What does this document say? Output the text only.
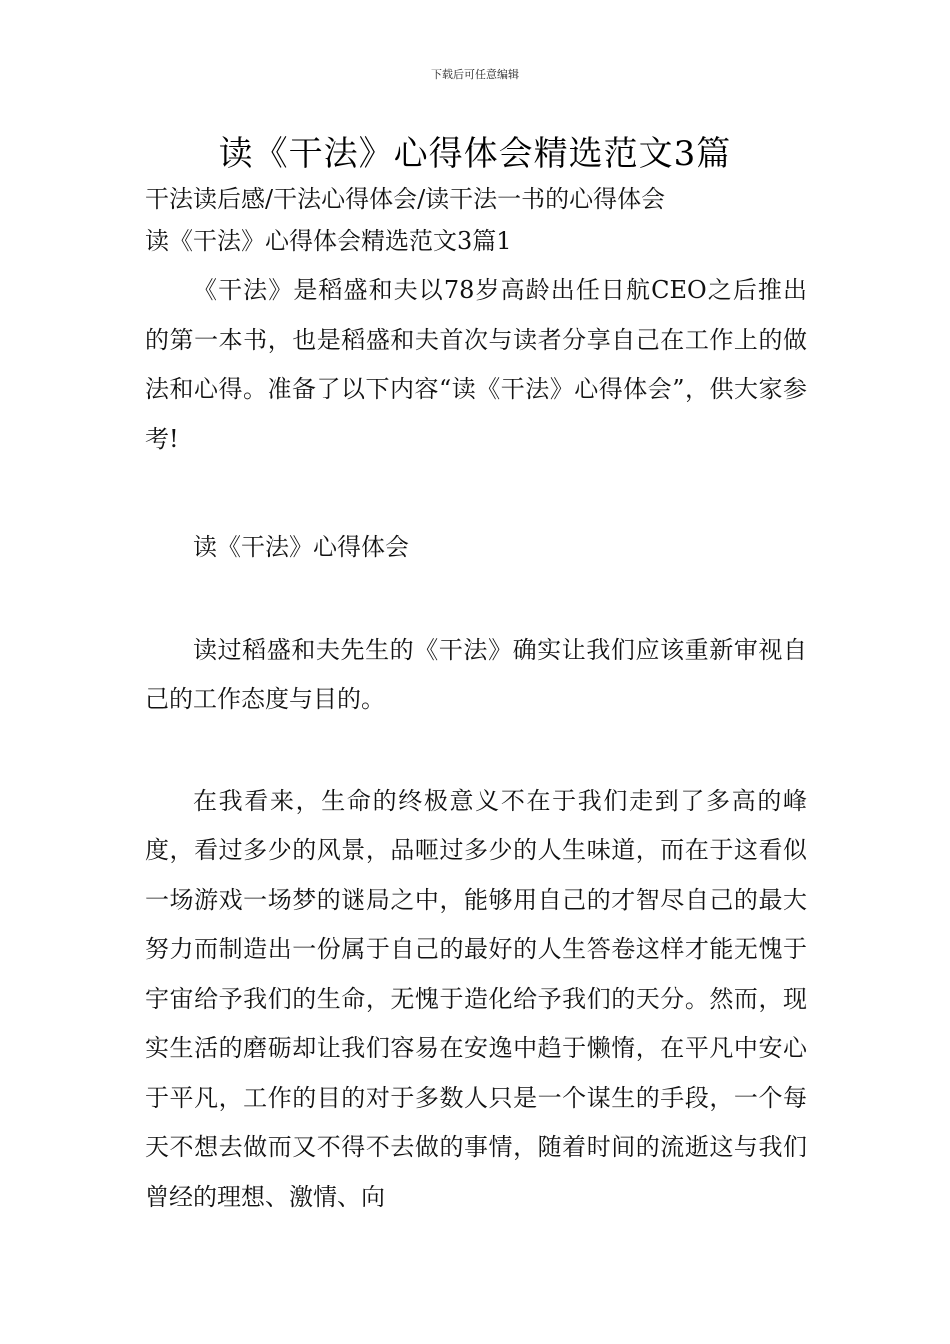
下载后可任意编辑
读《干法》心得体会精选范文3篇
干法读后感/干法心得体会/读干法一书的心得体会
读《干法》心得体会精选范文3篇1

《干法》是稻盛和夫以78岁高龄出任日航CEO之后推出的第一本书，也是稻盛和夫首次与读者分享自己在工作上的做法和心得。准备了以下内容“读《干法》心得体会”，供大家参考!

读《干法》心得体会

读过稻盛和夫先生的《干法》确实让我们应该重新审视自己的工作态度与目的。

在我看来，生命的终极意义不在于我们走到了多高的峰度，看过多少的风景，品咂过多少的人生味道，而在于这看似一场游戏一场梦的谜局之中，能够用自己的才智尽自己的最大努力而制造出一份属于自己的最好的人生答卷这样才能无愧于宇宙给予我们的生命，无愧于造化给予我们的天分。然而，现实生活的磨砺却让我们容易在安逸中趋于懒惰，在平凡中安心于平凡，工作的目的对于多数人只是一个谋生的手段，一个每天不想去做而又不得不去做的事情，随着时间的流逝这与我们曾经的理想、激情、向
